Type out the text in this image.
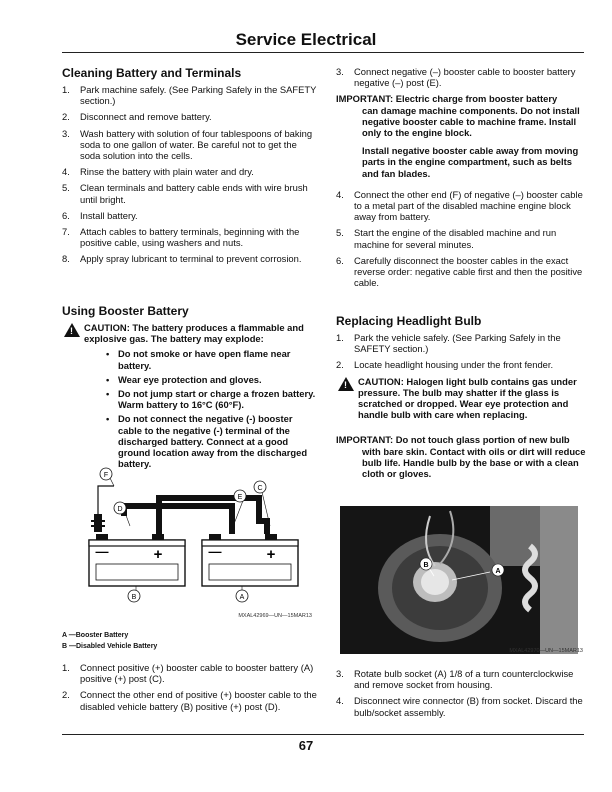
Service Electrical
Cleaning Battery and Terminals
1. Park machine safely. (See Parking Safely in the SAFETY section.)
2. Disconnect and remove battery.
3. Wash battery with solution of four tablespoons of baking soda to one gallon of water. Be careful not to get the soda solution into the cells.
4. Rinse the battery with plain water and dry.
5. Clean terminals and battery cable ends with wire brush until bright.
6. Install battery.
7. Attach cables to battery terminals, beginning with the positive cable, using washers and nuts.
8. Apply spray lubricant to terminal to prevent corrosion.
Using Booster Battery
!
CAUTION: The battery produces a flammable and explosive gas. The battery may explode:
• Do not smoke or have open flame near battery.
• Wear eye protection and gloves.
• Do not jump start or charge a frozen battery. Warm battery to 16°C (60°F).
• Do not connect the negative (-) booster cable to the negative (-) terminal of the discharged battery. Connect at a good ground location away from the discharged battery.
—	+	—	+
F
D
E
C
B	A
MXAL42969—UN—15MAR13
A —Booster Battery
B —Disabled Vehicle Battery
1. Connect positive (+) booster cable to booster battery (A) positive (+) post (C).
2. Connect the other end of positive (+) booster cable to the disabled vehicle battery (B) positive (+) post (D).
3. Connect negative (–) booster cable to booster battery negative (–) post (E).
IMPORTANT: Electric charge from booster battery
can damage machine components. Do not install negative booster cable to machine frame. Install only to the engine block.
Install negative booster cable away from moving parts in the engine compartment, such as belts and fan blades.
4. Connect the other end (F) of negative (–) booster cable to a metal part of the disabled machine engine block away from battery.
5. Start the engine of the disabled machine and run machine for several minutes.
6. Carefully disconnect the booster cables in the exact reverse order: negative cable first and then the positive cable.
Replacing Headlight Bulb
1. Park the vehicle safely. (See Parking Safely in the SAFETY section.)
2. Locate headlight housing under the front fender.
!
CAUTION: Halogen light bulb contains gas under pressure. The bulb may shatter if the glass is scratched or dropped. Wear eye protection and handle bulb with care when replacing.
IMPORTANT: Do not touch glass portion of new bulb
with bare skin. Contact with oils or dirt will reduce bulb life. Handle bulb by the base or with a clean cloth or gloves.
B
A
MXAL42970—UN—15MAR13
3. Rotate bulb socket (A) 1/8 of a turn counterclockwise and remove socket from housing.
4. Disconnect wire connector (B) from socket. Discard the bulb/socket assembly.
67
